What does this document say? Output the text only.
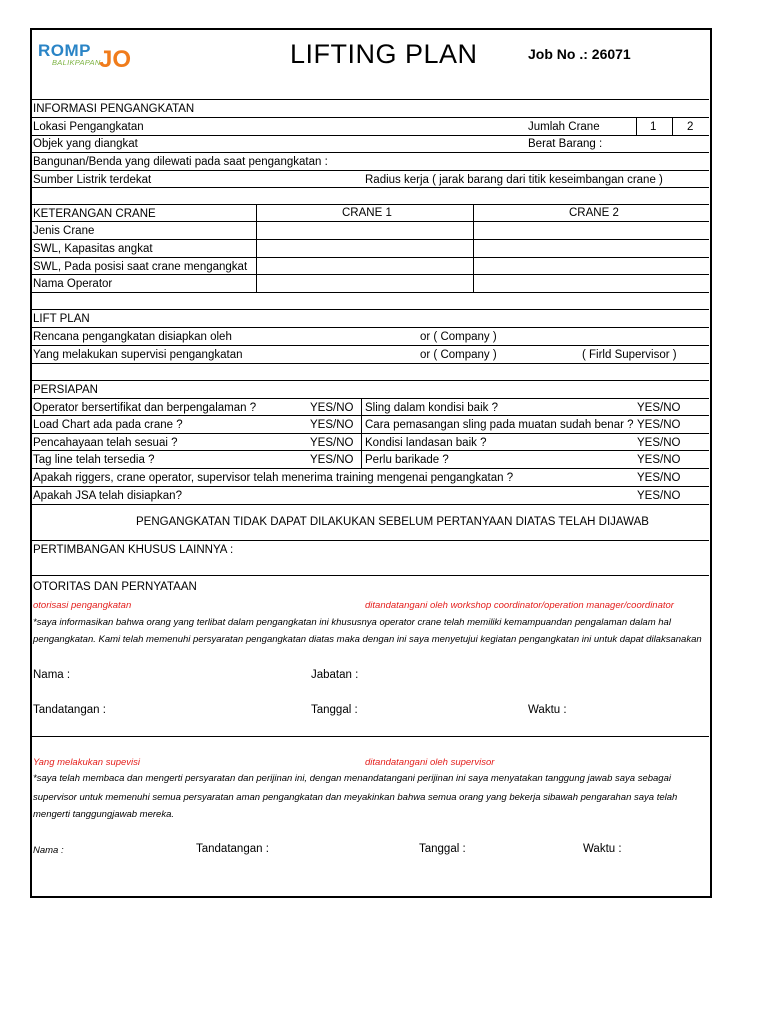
ROMP
BALIKPAPAN
JO	LIFTING PLAN	Job No .: 26071
INFORMASI PENGANGKATAN
Lokasi Pengangkatan	Jumlah Crane	1	2
Objek yang diangkat	Berat Barang :
Bangunan/Benda yang dilewati pada saat pengangkatan :
Sumber Listrik terdekat	Radius kerja ( jarak barang dari titik keseimbangan crane )
KETERANGAN CRANE	CRANE 1	CRANE 2
Jenis Crane
SWL, Kapasitas angkat
SWL, Pada posisi saat crane mengangkat
Nama Operator
LIFT PLAN
Rencana pengangkatan disiapkan oleh	or ( Company )
Yang melakukan supervisi pengangkatan	or ( Company )	( Firld Supervisor )
PERSIAPAN
Operator bersertifikat dan berpengalaman ?	YES/NO Sling dalam kondisi baik ?	YES/NO
Load Chart ada pada crane ?	YES/NO Cara pemasangan sling pada muatan sudah benar ? YES/NO
Pencahayaan telah sesuai ?	YES/NO Kondisi landasan baik ?	YES/NO
Tag line telah tersedia ?	YES/NO Perlu barikade ?	YES/NO
Apakah riggers, crane operator, supervisor telah menerima training mengenai pengangkatan ?	YES/NO
Apakah JSA telah disiapkan?	YES/NO
PENGANGKATAN TIDAK DAPAT DILAKUKAN SEBELUM PERTANYAAN DIATAS TELAH DIJAWAB
PERTIMBANGAN KHUSUS LAINNYA :
OTORITAS DAN PERNYATAAN
otorisasi pengangkatan	ditandatangani oleh workshop coordinator/operation manager/coordinator
*saya informasikan bahwa orang yang terlibat dalam pengangkatan ini khususnya operator crane telah memiliki kemampuandan pengalaman dalam hal
pengangkatan. Kami telah memenuhi persyaratan pengangkatan diatas maka dengan ini saya menyetujui kegiatan pengangkatan ini untuk dapat dilaksanakan
Nama :	Jabatan :
Tandatangan :	Tanggal :	Waktu :
Yang melakukan supevisi	ditandatangani oleh supervisor
*saya telah membaca dan mengerti persyaratan dan perijinan ini, dengan menandatangani perijinan ini saya menyatakan tanggung jawab saya sebagai
supervisor untuk memenuhi semua persyaratan aman pengangkatan dan meyakinkan bahwa semua orang yang bekerja sibawah pengarahan saya telah
mengerti tanggungjawab mereka.
Nama :	Tandatangan :	Tanggal :	Waktu :
